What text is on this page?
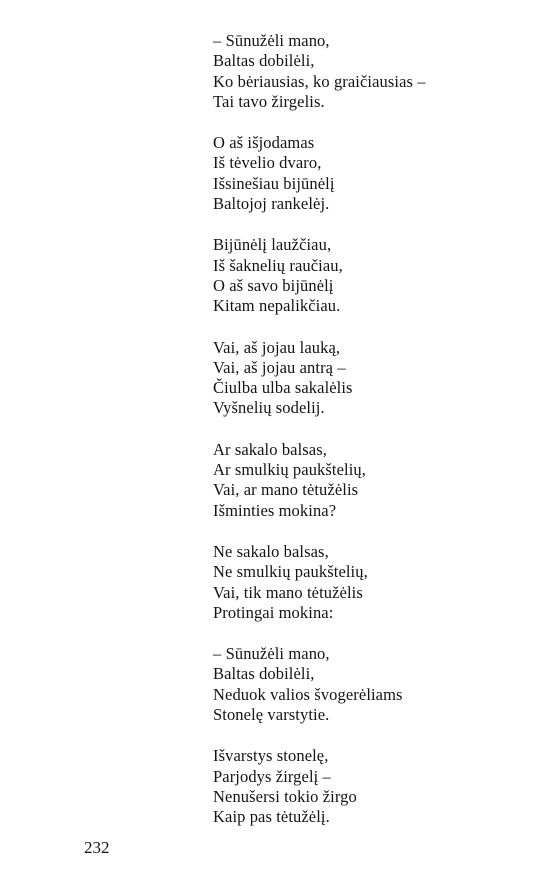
– Sūnužėli mano,
Baltas dobilėli,
Ko bėriausias, ko graičiausias –
Tai tavo žirgelis.
O aš išjodamas
Iš tėvelio dvaro,
Išsinešiau bijūnėlį
Baltojoj rankelėj.
Bijūnėlį laužčiau,
Iš šaknelių raučiau,
O aš savo bijūnėlį
Kitam nepalikčiau.
Vai, aš jojau lauką,
Vai, aš jojau antrą –
Čiulba ulba sakalėlis
Vyšnelių sodelij.
Ar sakalo balsas,
Ar smulkių paukštelių,
Vai, ar mano tėtužėlis
Išminties mokina?
Ne sakalo balsas,
Ne smulkių paukštelių,
Vai, tik mano tėtužėlis
Protingai mokina:
– Sūnužėli mano,
Baltas dobilėli,
Neduok valios švogerėliams
Stonelę varstytie.
Išvarstys stonelę,
Parjodys žirgelį –
Nenušersi tokio žirgo
Kaip pas tėtužėlį.
232
